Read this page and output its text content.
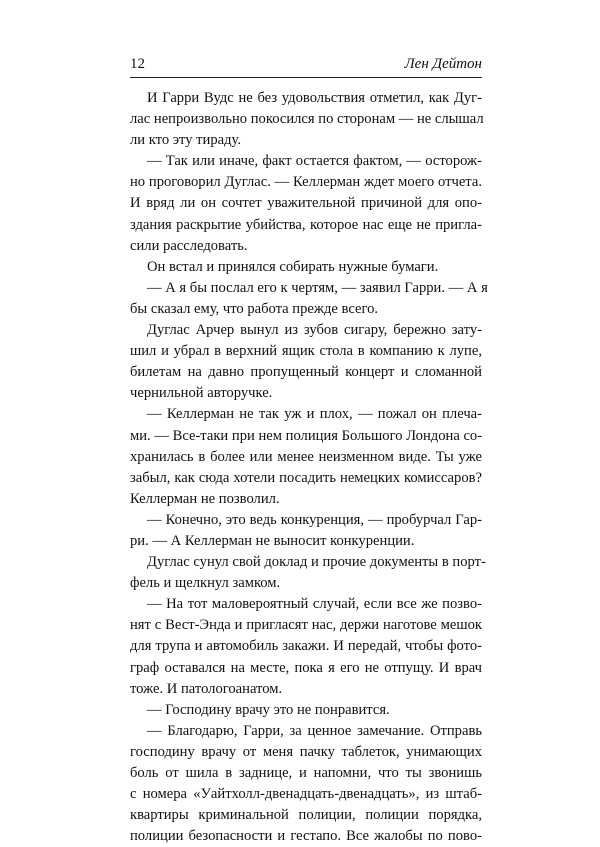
12	Лен Дейтон
И Гарри Вудс не без удовольствия отметил, как Дуг-
лас непроизвольно покосился по сторонам — не слышал
ли кто эту тираду.
— Так или иначе, факт остается фактом, — осторож-
но проговорил Дуглас. — Келлерман ждет моего отчета.
И вряд ли он сочтет уважительной причиной для опо-
здания раскрытие убийства, которое нас еще не пригла-
сили расследовать.
Он встал и принялся собирать нужные бумаги.
— А я бы послал его к чертям, — заявил Гарри. — А я
бы сказал ему, что работа прежде всего.
Дуглас Арчер вынул из зубов сигару, бережно зату-
шил и убрал в верхний ящик стола в компанию к лупе,
билетам на давно пропущенный концерт и сломанной
чернильной авторучке.
— Келлерман не так уж и плох, — пожал он плеча-
ми. — Все-таки при нем полиция Большого Лондона со-
хранилась в более или менее неизменном виде. Ты уже
забыл, как сюда хотели посадить немецких комиссаров?
Келлерман не позволил.
— Конечно, это ведь конкуренция, — пробурчал Гар-
ри. — А Келлерман не выносит конкуренции.
Дуглас сунул свой доклад и прочие документы в порт-
фель и щелкнул замком.
— На тот маловероятный случай, если все же позво-
нят с Вест-Энда и пригласят нас, держи наготове мешок
для трупа и автомобиль закажи. И передай, чтобы фото-
граф оставался на месте, пока я его не отпущу. И врач
тоже. И патологоанатом.
— Господину врачу это не понравится.
— Благодарю, Гарри, за ценное замечание. Отправь
господину врачу от меня пачку таблеток, унимающих
боль от шила в заднице, и напомни, что ты звонишь
с номера «Уайтхолл-двенадцать-двенадцать», из штаб-
квартиры криминальной полиции, полиции порядка,
полиции безопасности и гестапо. Все жалобы по пово-
